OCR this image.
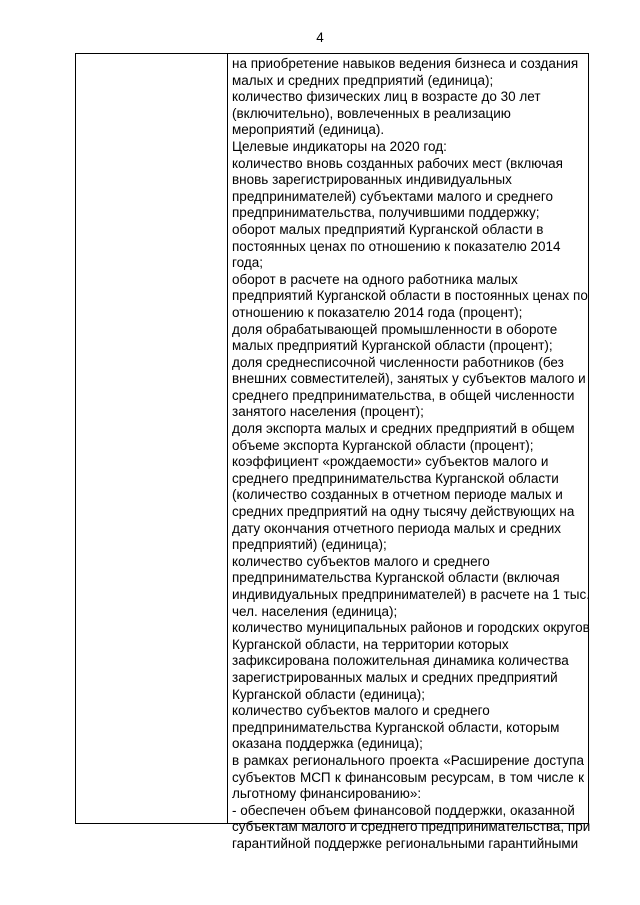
4
на приобретение навыков ведения бизнеса и создания
малых и средних предприятий (единица);
количество физических лиц в возрасте до 30 лет
(включительно), вовлеченных в реализацию
мероприятий (единица).
Целевые индикаторы на 2020 год:
количество вновь созданных рабочих мест (включая
вновь зарегистрированных индивидуальных
предпринимателей) субъектами малого и среднего
предпринимательства, получившими поддержку;
оборот малых предприятий Курганской области в
постоянных ценах по отношению к показателю 2014
года;
оборот в расчете на одного работника малых
предприятий Курганской области в постоянных ценах по
отношению к показателю 2014 года (процент);
доля обрабатывающей промышленности в обороте
малых предприятий Курганской области (процент);
доля среднесписочной численности работников (без
внешних совместителей), занятых у субъектов малого и
среднего предпринимательства, в общей численности
занятого населения (процент);
доля экспорта малых и средних предприятий в общем
объеме экспорта Курганской области (процент);
коэффициент «рождаемости» субъектов малого и
среднего предпринимательства Курганской области
(количество созданных в отчетном периоде малых и
средних предприятий на одну тысячу действующих на
дату окончания отчетного периода малых и средних
предприятий) (единица);
количество субъектов малого и среднего
предпринимательства Курганской области (включая
индивидуальных предпринимателей) в расчете на 1 тыс.
чел. населения (единица);
количество муниципальных районов и городских округов
Курганской области, на территории которых
зафиксирована положительная динамика количества
зарегистрированных малых и средних предприятий
Курганской области (единица);
количество субъектов малого и среднего
предпринимательства Курганской области, которым
оказана поддержка (единица);
в рамках регионального проекта «Расширение доступа
субъектов МСП к финансовым ресурсам, в том числе к
льготному финансированию»:
- обеспечен объем финансовой поддержки, оказанной
субъектам малого и среднего предпринимательства, при
гарантийной поддержке региональными гарантийными
